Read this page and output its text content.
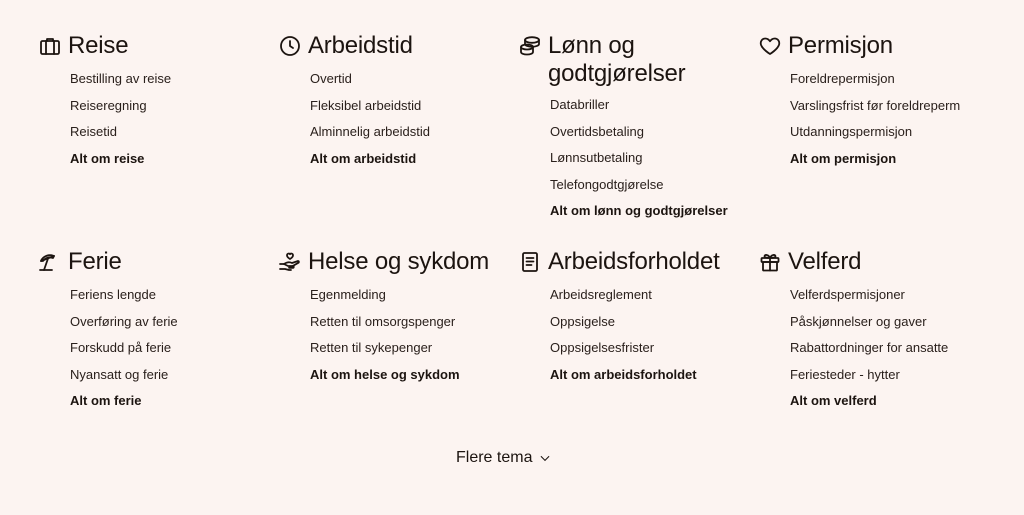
Reise
Bestilling av reise
Reiseregning
Reisetid
Alt om reise
Arbeidstid
Overtid
Fleksibel arbeidstid
Alminnelig arbeidstid
Alt om arbeidstid
Lønn og
godtgjørelser
Databriller
Overtidsbetaling
Lønnsutbetaling
Telefongodtgjørelse
Alt om lønn og godtgjørelser
Permisjon
Foreldrepermisjon
Varslingsfrist før foreldreperm
Utdanningspermisjon
Alt om permisjon
Ferie
Feriens lengde
Overføring av ferie
Forskudd på ferie
Nyansatt og ferie
Alt om ferie
Helse og sykdom
Egenmelding
Retten til omsorgspenger
Retten til sykepenger
Alt om helse og sykdom
Arbeidsforholdet
Arbeidsreglement
Oppsigelse
Oppsigelsesfrister
Alt om arbeidsforholdet
Velferd
Velferdspermisjoner
Påskjønnelser og gaver
Rabattordninger for ansatte
Feriesteder - hytter
Alt om velferd
Flere tema
